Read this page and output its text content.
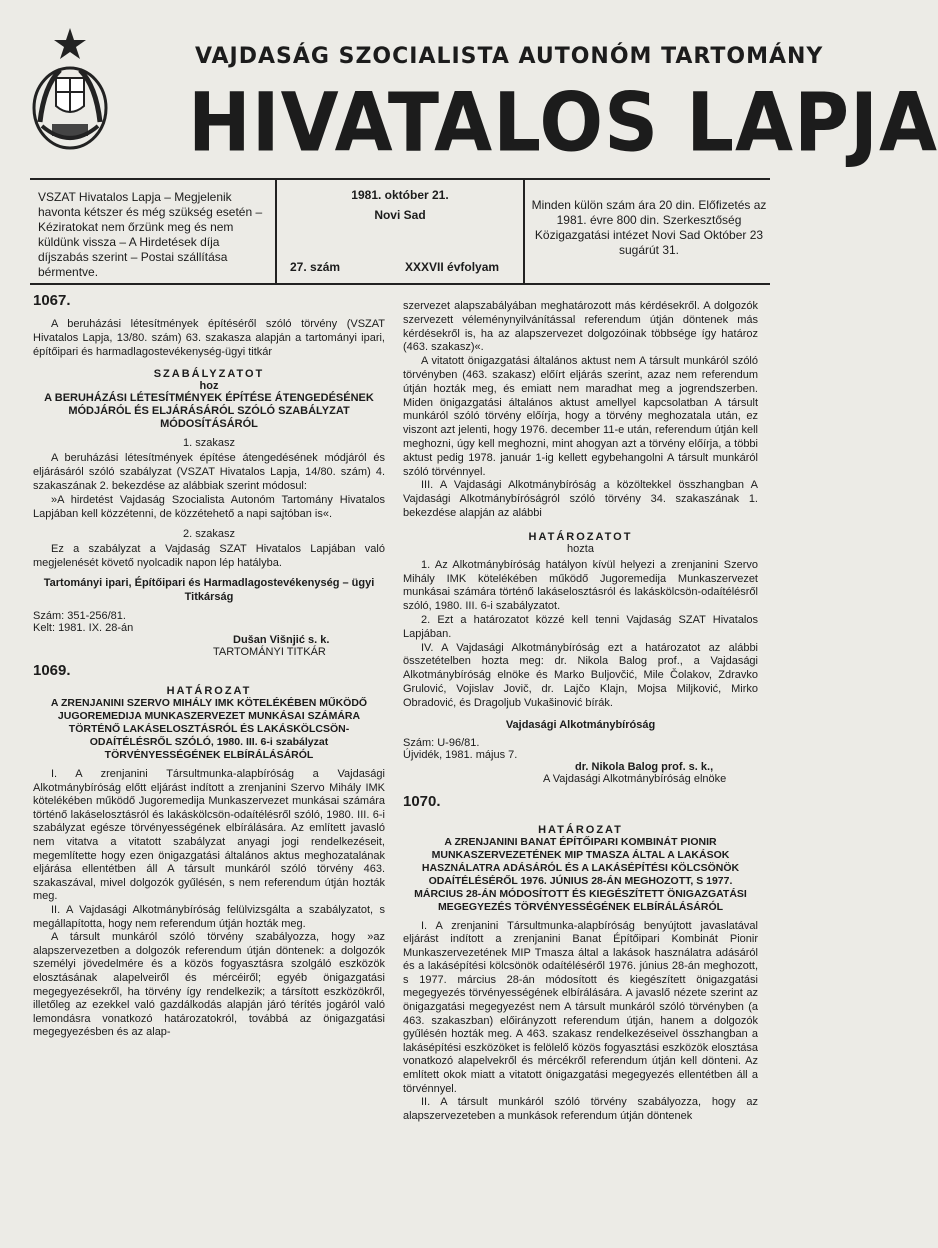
VAJDASÁG SZOCIALISTA AUTONÓM TARTOMÁNY
HIVATALOS LAPJA
VSZAT Hivatalos Lapja – Megjelenik havonta kétszer és még szükség esetén – Kéziratokat nem őrzünk meg és nem küldünk vissza – A Hirdetések díja díjszabás szerint – Postai szállítása bérmentve.
1981. október 21.
Novi Sad
27. szám	XXXVII évfolyam
Minden külön szám ára 20 din. Előfizetés az 1981. évre 800 din. Szerkesztőség Közigazgatási intézet Novi Sad Október 23 sugárút 31.
1067.

A beruházási létesítmények építéséről szóló törvény (VSZAT Hivatalos Lapja, 13/80. szám) 63. szakasza alapján a tartományi ipari, építőipari és harmadlagostevékenység-ügyi titkár

SZABÁLYZATOT
hoz
A BERUHÁZÁSI LÉTESÍTMÉNYEK ÉPÍTÉSE ÁTENGEDÉSÉNEK MÓDJÁRÓL ÉS ELJÁRÁSÁRÓL SZÓLÓ SZABÁLYZAT MÓDOSÍTÁSÁRÓL
1. szakasz

A beruházási létesítmények építése átengedésének módjáról és eljárásáról szóló szabályzat (VSZAT Hivatalos Lapja, 14/80. szám) 4. szakaszának 2. bekezdése az alábbiak szerint módosul:

»A hirdetést Vajdaság Szocialista Autonóm Tartomány Hivatalos Lapjában kell közzétenni, de közzétehető a napi sajtóban is«.

2. szakasz

Ez a szabályzat a Vajdaság SZAT Hivatalos Lapjában való megjelenését követő nyolcadik napon lép hatályba.

Tartományi ipari, Építőipari és Harmadlagostevékenység – ügyi Titkárság
Szám: 351-256/81.
Kelt: 1981. IX. 28-án
Dušan Višnjić s. k.
TARTOMÁNYI TITKÁR
1069.
HATÁROZAT
A ZRENJANINI SZERVO MIHÁLY IMK KÖTELÉKÉBEN MŰKÖDŐ JUGOREMEDIJA MUNKASZERVEZET MUNKÁSAI SZÁMÁRA TÖRTÉNŐ LAKÁSELOSZTÁSRÓL ÉS LAKÁSKÖLCSÖN-ODAÍTÉLÉSRŐL SZÓLÓ, 1980. III. 6-i szabályzat TÖRVÉNYESSÉGÉNEK ELBÍRÁLÁSÁRÓL

I. A zrenjanini Társultmunka-alapbíróság a Vajdasági Alkotmánybíróság előtt eljárást indított a zrenjanini Szervo Mihály IMK kötelékében működő Jugoremedija Munkaszervezet munkásai számára történő lakáselosztásról és lakáskölcsön-odaítélésről szóló, 1980. III. 6-i szabályzat egésze törvényességének elbírálására. Az említett javasló nem vitatva a vitatott szabályzat anyagi jogi rendelkezéseit, megemlítette hogy ezen önigazgatási általános aktus meghozatalának eljárása ellentétben áll A társult munkáról szóló törvény 463. szakaszával, mivel dolgozók gyűlésén, s nem referendum útján hozták meg.

II. A Vajdasági Alkotmánybíróság felülvizsgálta a szabályzatot, s megállapította, hogy nem referendum útján hozták meg.

A társult munkáról szóló törvény szabályozza, hogy »az alapszervezetben a dolgozók referendum útján döntenek: a dolgozók személyi jövedelmére és a közös fogyasztásra szolgáló eszközök elosztásának alapelveiről és mércéiről; egyéb önigazgatási megegyezésekről, ha törvény így rendelkezik; a társított eszközökről, illetőleg az ezekkel való gazdálkodás alapján járó térítés jogáról való lemondásra vonatkozó határozatokról, továbbá az önigazgatási megegyezésben és az alap-

szervezet alapszabályában meghatározott más kérdésekről. A dolgozók szervezett véleménynyilvánítással referendum útján döntenek más kérdésekről is, ha az alapszervezet dolgozóinak többsége így határoz (463. szakasz)«.

A vitatott önigazgatási általános aktust nem A társult munkáról szóló törvényben (463. szakasz) előírt eljárás szerint, azaz nem referendum útján hozták meg, és emiatt nem maradhat meg a jogrendszerben. Miden önigazgatási általános aktust amellyel kapcsolatban A társult munkáról szóló törvény előírja, hogy a törvény meghozatala után, ez viszont azt jelenti, hogy 1976. december 11-e után, referendum útján kell meghozni, úgy kell meghozni, mint ahogyan azt a törvény előírja, a többi aktust pedig 1978. január 1-ig kellett egybehangolni A társult munkáról szóló törvénnyel.

III. A Vajdasági Alkotmánybíróság a közöltekkel összhangban A Vajdasági Alkotmánybíróságról szóló törvény 34. szakaszának 1. bekezdése alapján az alábbi

HATÁROZATOT
hozta

1. Az Alkotmánybíróság hatályon kívül helyezi a zrenjanini Szervo Mihály IMK kötelékében működő Jugoremedija Munkaszervezet munkásai számára történő lakáselosztásról és lakáskölcsön-odaítélésről szóló, 1980. III. 6-i szabályzatot.

2. Ezt a határozatot közzé kell tenni Vajdaság SZAT Hivatalos Lapjában.

IV. A Vajdasági Alkotmánybíróság ezt a határozatot az alábbi összetételben hozta meg: dr. Nikola Balog prof., a Vajdasági Alkotmánybíróság elnöke és Marko Buljovčić, Mile Čolakov, Zdravko Grulović, Vojislav Jovič, dr. Lajčo Klajn, Mojsa Miljković, Mirko Obradović, és Dragoljub Vukašinović bírák.

Vajdasági Alkotmánybíróság
Szám: U-96/81.
Újvidék, 1981. május 7.
dr. Nikola Balog prof. s. k.,
A Vajdasági Alkotmánybíróság elnöke
1070.
HATÁROZAT
A ZRENJANINI BANAT ÉPÍTŐIPARI KOMBINÁT PIONIR MUNKASZERVEZETÉNEK MIP TMASZA ÁLTAL A LAKÁSOK HASZNÁLATRA ADÁSÁRÓL ÉS A LAKÁSÉPÍTÉSI KÖLCSÖNÖK ODAÍTÉLÉSÉRŐL 1976. JÚNIUS 28-ÁN MEGHOZOTT, S 1977. MÁRCIUS 28-ÁN MÓDOSÍTOTT ÉS KIEGÉSZÍTETT ÖNIGAZGATÁSI MEGEGYEZÉS TÖRVÉNYESSÉGÉNEK ELBÍRÁLÁSÁRÓL

I. A zrenjanini Társultmunka-alapbíróság benyújtott javaslatával eljárást indított a zrenjanini Banat Építőipari Kombinát Pionir Munkaszervezetének MIP Tmasza által a lakások használatra adásáról és a lakásépítési kölcsönök odaítéléséről 1976. június 28-án meghozott, s 1977. március 28-án módosított és kiegészített önigazgatási megegyezés törvényességének elbírálására. A javaslő nézete szerint az önigazgatási megegyezést nem A társult munkáról szóló törvényben (a 463. szakaszban) előirányzott referendum útján, hanem a dolgozók gyűlésén hozták meg. A 463. szakasz rendelkezéseivel összhangban a lakásépítési eszközöket is felölelő közös fogyasztási eszközök elosztása vonatkozó alapelvekről és mércékről referendum útján kell dönteni. Az említett okok miatt a vitatott önigazgatási megegyezés ellentétben áll a törvénnyel.

II. A társult munkáról szóló törvény szabályozza, hogy az alapszervezeteben a munkások referendum útján döntenek
